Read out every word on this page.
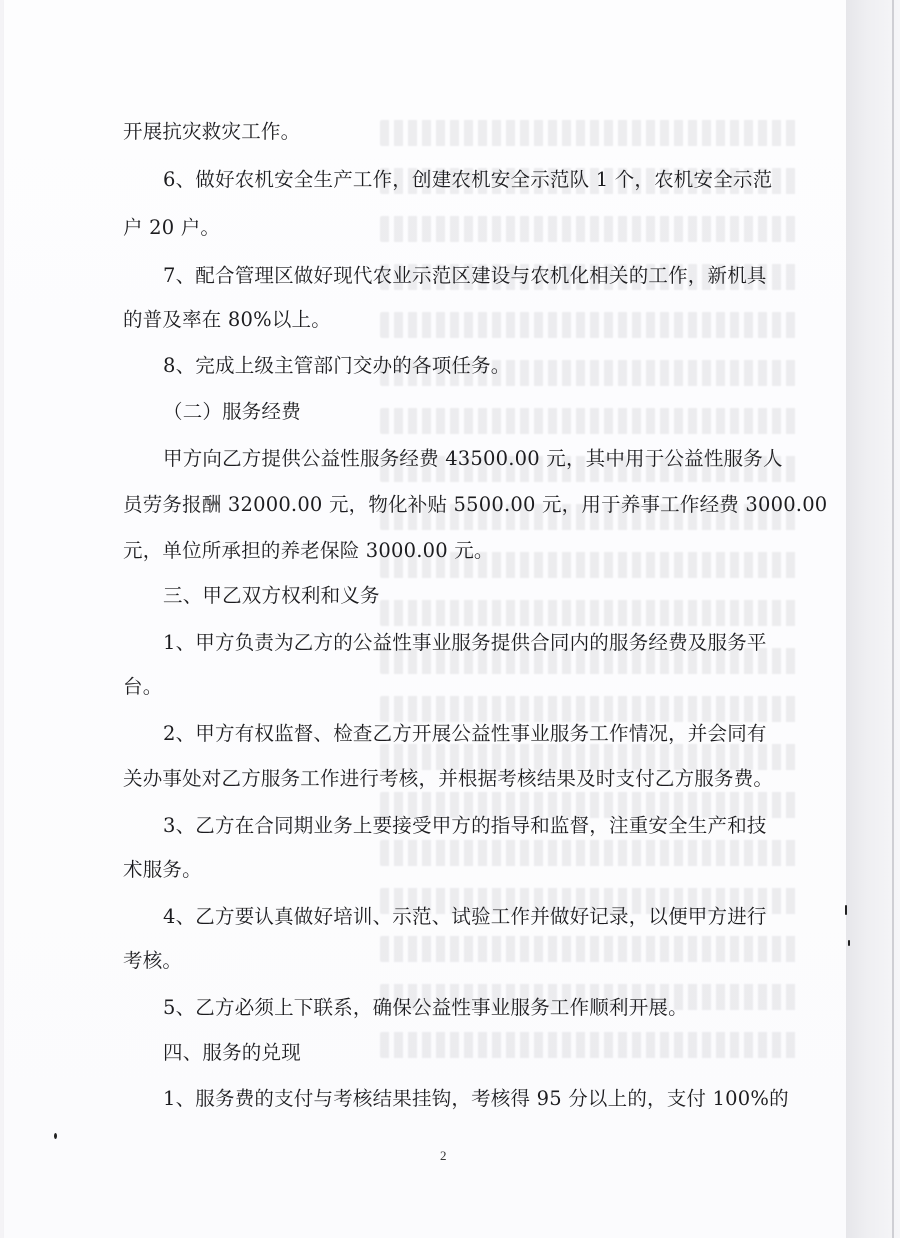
开展抗灾救灾工作。
6、做好农机安全生产工作，创建农机安全示范队 1 个，农机安全示范
户 20 户。
7、配合管理区做好现代农业示范区建设与农机化相关的工作，新机具
的普及率在 80%以上。
8、完成上级主管部门交办的各项任务。
（二）服务经费
甲方向乙方提供公益性服务经费 43500.00 元，其中用于公益性服务人
员劳务报酬 32000.00 元，物化补贴 5500.00 元，用于养事工作经费 3000.00
元，单位所承担的养老保险 3000.00 元。
三、甲乙双方权利和义务
1、甲方负责为乙方的公益性事业服务提供合同内的服务经费及服务平
台。
2、甲方有权监督、检查乙方开展公益性事业服务工作情况，并会同有
关办事处对乙方服务工作进行考核，并根据考核结果及时支付乙方服务费。
3、乙方在合同期业务上要接受甲方的指导和监督，注重安全生产和技
术服务。
4、乙方要认真做好培训、示范、试验工作并做好记录，以便甲方进行
考核。
5、乙方必须上下联系，确保公益性事业服务工作顺利开展。
四、服务的兑现
1、服务费的支付与考核结果挂钩，考核得 95 分以上的，支付 100%的
2
